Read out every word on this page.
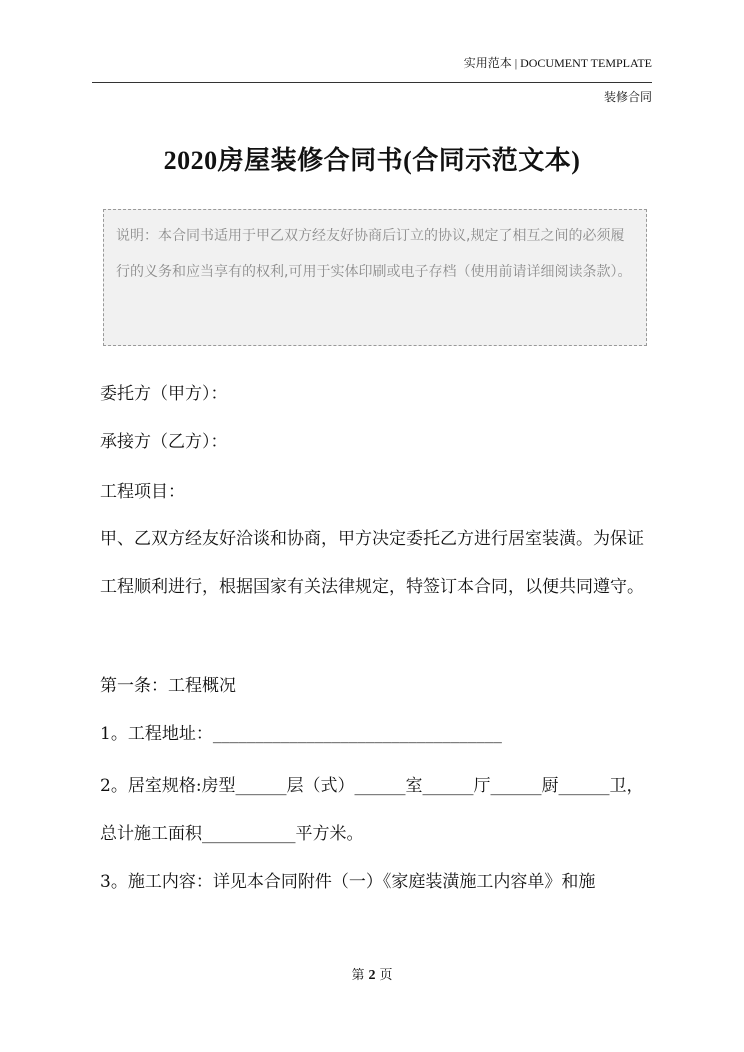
实用范本 | DOCUMENT TEMPLATE
装修合同
2020房屋装修合同书(合同示范文本)
说明：本合同书适用于甲乙双方经友好协商后订立的协议,规定了相互之间的必须履行的义务和应当享有的权利,可用于实体印刷或电子存档（使用前请详细阅读条款）。
委托方（甲方）：
承接方（乙方）：
工程项目：
甲、乙双方经友好洽谈和协商，甲方决定委托乙方进行居室装潢。为保证工程顺利进行，根据国家有关法律规定，特签订本合同，以便共同遵守。
第一条：工程概况
1。工程地址：__________________________________
2。居室规格:房型______层（式）______室______厅______厨______卫，总计施工面积___________平方米。
3。施工内容：详见本合同附件（一）《家庭装潢施工内容单》和施
第 2 页
